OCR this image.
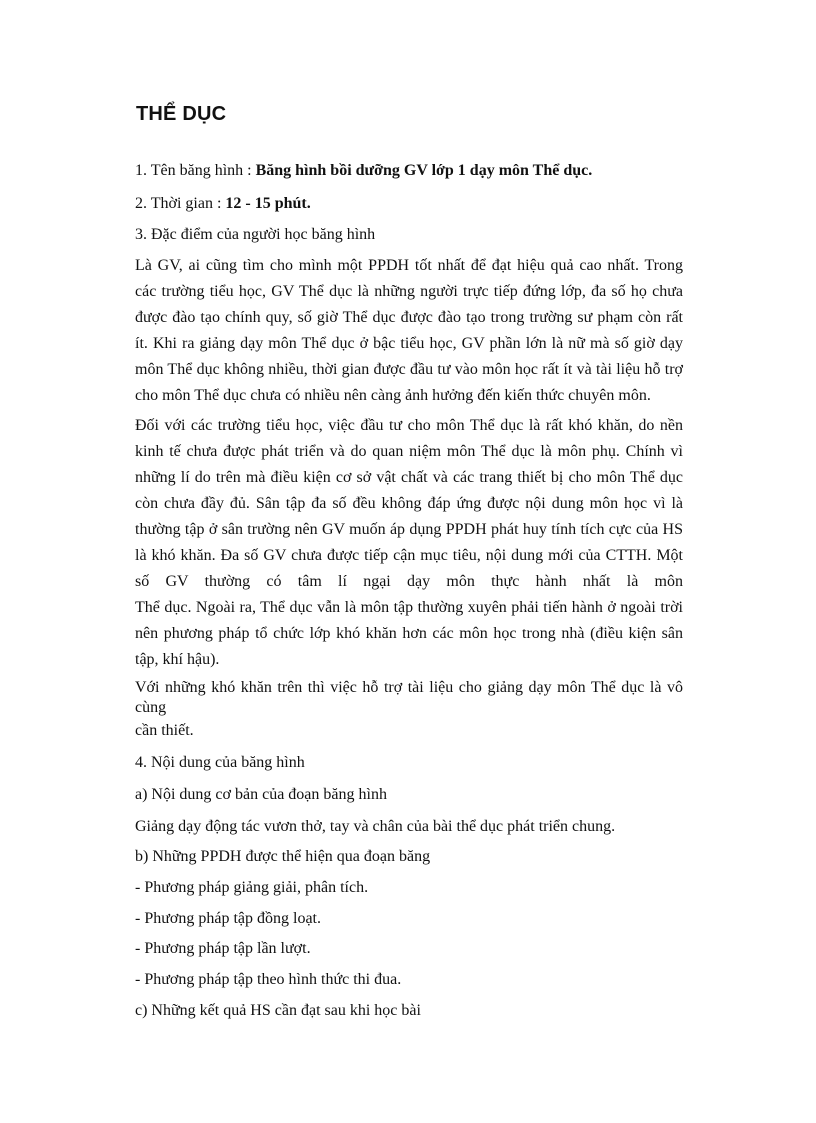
THỂ DỤC

1. Tên băng hình : Băng hình bồi dưỡng GV lớp 1 dạy môn Thể dục.

2. Thời gian : 12 - 15 phút.

3. Đặc điểm của người học băng hình

Là GV, ai cũng tìm cho mình một PPDH tốt nhất để đạt hiệu quả cao nhất. Trong

các trường tiểu học, GV Thể dục là những người trực tiếp đứng lớp, đa số họ chưa

được đào tạo chính quy, số giờ Thể dục được đào tạo trong trường sư phạm còn rất

ít. Khi ra giảng dạy môn Thể dục ở bậc tiểu học, GV phần lớn là nữ mà số giờ dạy

môn Thể dục không nhiều, thời gian được đầu tư vào môn học rất ít và tài liệu hỗ trợ

cho môn Thể dục chưa có nhiều nên càng ảnh hưởng đến kiến thức chuyên môn.

Đối với các trường tiểu học, việc đầu tư cho môn Thể dục là rất khó khăn, do nền

kinh tế chưa được phát triển và do quan niệm môn Thể dục là môn phụ. Chính vì

những lí do trên mà điều kiện cơ sở vật chất và các trang thiết bị cho môn Thể dục

còn chưa đầy đủ. Sân tập đa số đều không đáp ứng được nội dung môn học vì là

thường tập ở sân trường nên GV muốn áp dụng PPDH phát huy tính tích cực của HS

là khó khăn. Đa số GV chưa được tiếp cận mục tiêu, nội dung mới của CTTH. Một

số GV thường có tâm lí ngại dạy môn thực hành nhất là môn

Thể dục. Ngoài ra, Thể dục vẫn là môn tập thường xuyên phải tiến hành ở ngoài trời

nên phương pháp tổ chức lớp khó khăn hơn các môn học trong nhà (điều kiện sân

tập, khí hậu).

Với những khó khăn trên thì việc hỗ trợ tài liệu cho giảng dạy môn Thể dục là vô

cùng

cần thiết.

4. Nội dung của băng hình

a) Nội dung cơ bản của đoạn băng hình

Giảng dạy động tác vươn thở, tay và chân của bài thể dục phát triển chung.

b) Những PPDH được thể hiện qua đoạn băng

- Phương pháp giảng giải, phân tích.

- Phương pháp tập đồng loạt.

- Phương pháp tập lần lượt.

- Phương pháp tập theo hình thức thi đua.

c) Những kết quả HS cần đạt sau khi học bài
